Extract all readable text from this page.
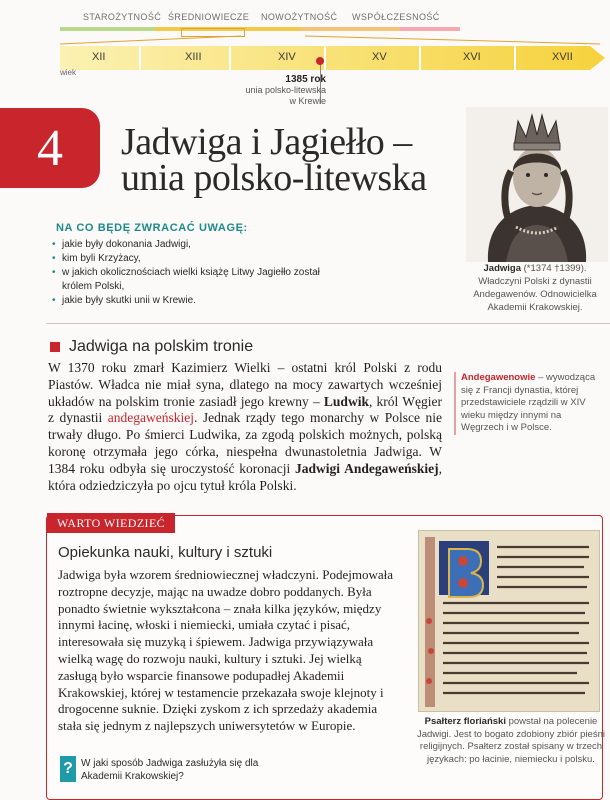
STAROŻYTNOŚĆ ŚREDNIOWIECZE NOWOŻYTNOŚĆ WSPÓŁCZESNOŚĆ
XII	XIII	XIV	XV	XVI	XVII
wiek
1385 rok
unia polsko-litewska
w Krewie
4	Jadwiga i Jagiełło –
unia polsko-litewska
Jadwiga (*1374 †1399).
Władczyni Polski z dynastii
Andegawenów. Odnowicielka
Akademii Krakowskiej.
NA CO BĘDĘ ZWRACAĆ UWAGĘ:
• jakie były dokonania Jadwigi,
• kim byli Krzyżacy,
• w jakich okolicznościach wielki książę Litwy Jagiełło został królem Polski,
• jakie były skutki unii w Krewie.
Jadwiga na polskim tronie
W 1370 roku zmarł Kazimierz Wielki – ostatni król Polski z rodu Piastów. Władca nie miał syna, dlatego na mocy zawartych wcześniej układów na polskim tronie zasiadł jego krewny – Ludwik, król Węgier z dynastii andegaweńskiej. Jednak rządy tego monarchy w Polsce nie trwały długo. Po śmierci Ludwika, za zgodą polskich możnych, polską koronę otrzymała jego córka, niespełna dwunastoletnia Jadwiga. W 1384 roku odbyła się uroczystość koronacji Jadwigi Andegaweńskiej, która odziedziczyła po ojcu tytuł króla Polski.
Andegawenowie – wywodząca się z Francji dynastia, której przedstawiciele rządzili w XIV wieku między innymi na Węgrzech i w Polsce.
WARTO WIEDZIEĆ
Opiekunka nauki, kultury i sztuki
Jadwiga była wzorem średniowiecznej władczyni. Podejmowała roztropne decyzje, mając na uwadze dobro poddanych. Była ponadto świetnie wykształcona – znała kilka języków, między innymi łacinę, włoski i niemiecki, umiała czytać i pisać, interesowała się muzyką i śpiewem. Jadwiga przywiązywała wielką wagę do rozwoju nauki, kultury i sztuki. Jej wielką zasługą było wsparcie finansowe podupadłej Akademii Krakowskiej, której w testamencie przekazała swoje klejnoty i drogocenne suknie. Dzięki zyskom z ich sprzedaży akademia stała się jednym z najlepszych uniwersytetów w Europie.
? W jaki sposób Jadwiga zasłużyła się dla Akademii Krakowskiej?
Psałterz floriański powstał na polecenie Jadwigi. Jest to bogato zdobiony zbiór pieśni religijnych. Psałterz został spisany w trzech językach: po łacinie, niemiecku i polsku.
